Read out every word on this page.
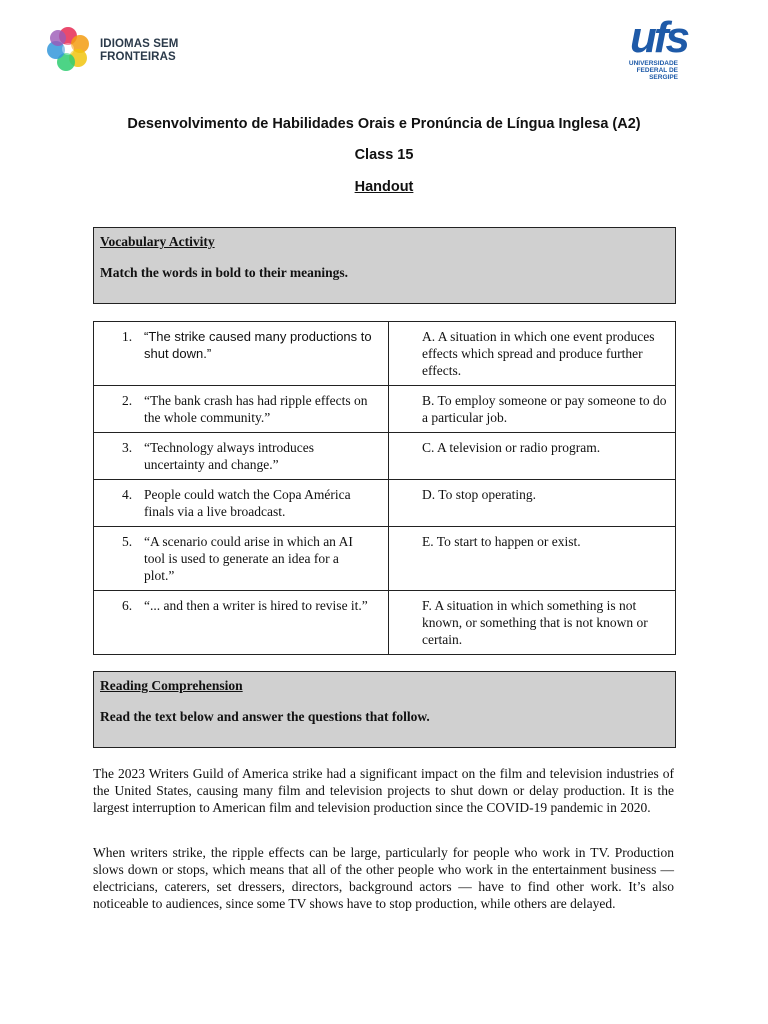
IDIOMAS SEM
FRONTEIRAS	ufs
UNIVERSIDADE
FEDERAL DE
SERGIPE
Desenvolvimento de Habilidades Orais e Pronúncia de Língua Inglesa (A2)
Class 15
Handout
Vocabulary Activity
Match the words in bold to their meanings.
1. “The strike caused many productions to shut down.”	A. A situation in which one event produces effects which spread and produce further effects.
2. “The bank crash has had ripple effects on the whole community.”	B. To employ someone or pay someone to do a particular job.
3. “Technology always introduces uncertainty and change.”	C. A television or radio program.
4. People could watch the Copa América finals via a live broadcast.	D. To stop operating.
5. “A scenario could arise in which an AI tool is used to generate an idea for a plot.”	E. To start to happen or exist.
6. “... and then a writer is hired to revise it.”	F. A situation in which something is not known, or something that is not known or certain.
Reading Comprehension
Read the text below and answer the questions that follow.
The 2023 Writers Guild of America strike had a significant impact on the film and television industries of the United States, causing many film and television projects to shut down or delay production. It is the largest interruption to American film and television production since the COVID-19 pandemic in 2020.
When writers strike, the ripple effects can be large, particularly for people who work in TV. Production slows down or stops, which means that all of the other people who work in the entertainment business — electricians, caterers, set dressers, directors, background actors — have to find other work. It’s also noticeable to audiences, since some TV shows have to stop production, while others are delayed.
